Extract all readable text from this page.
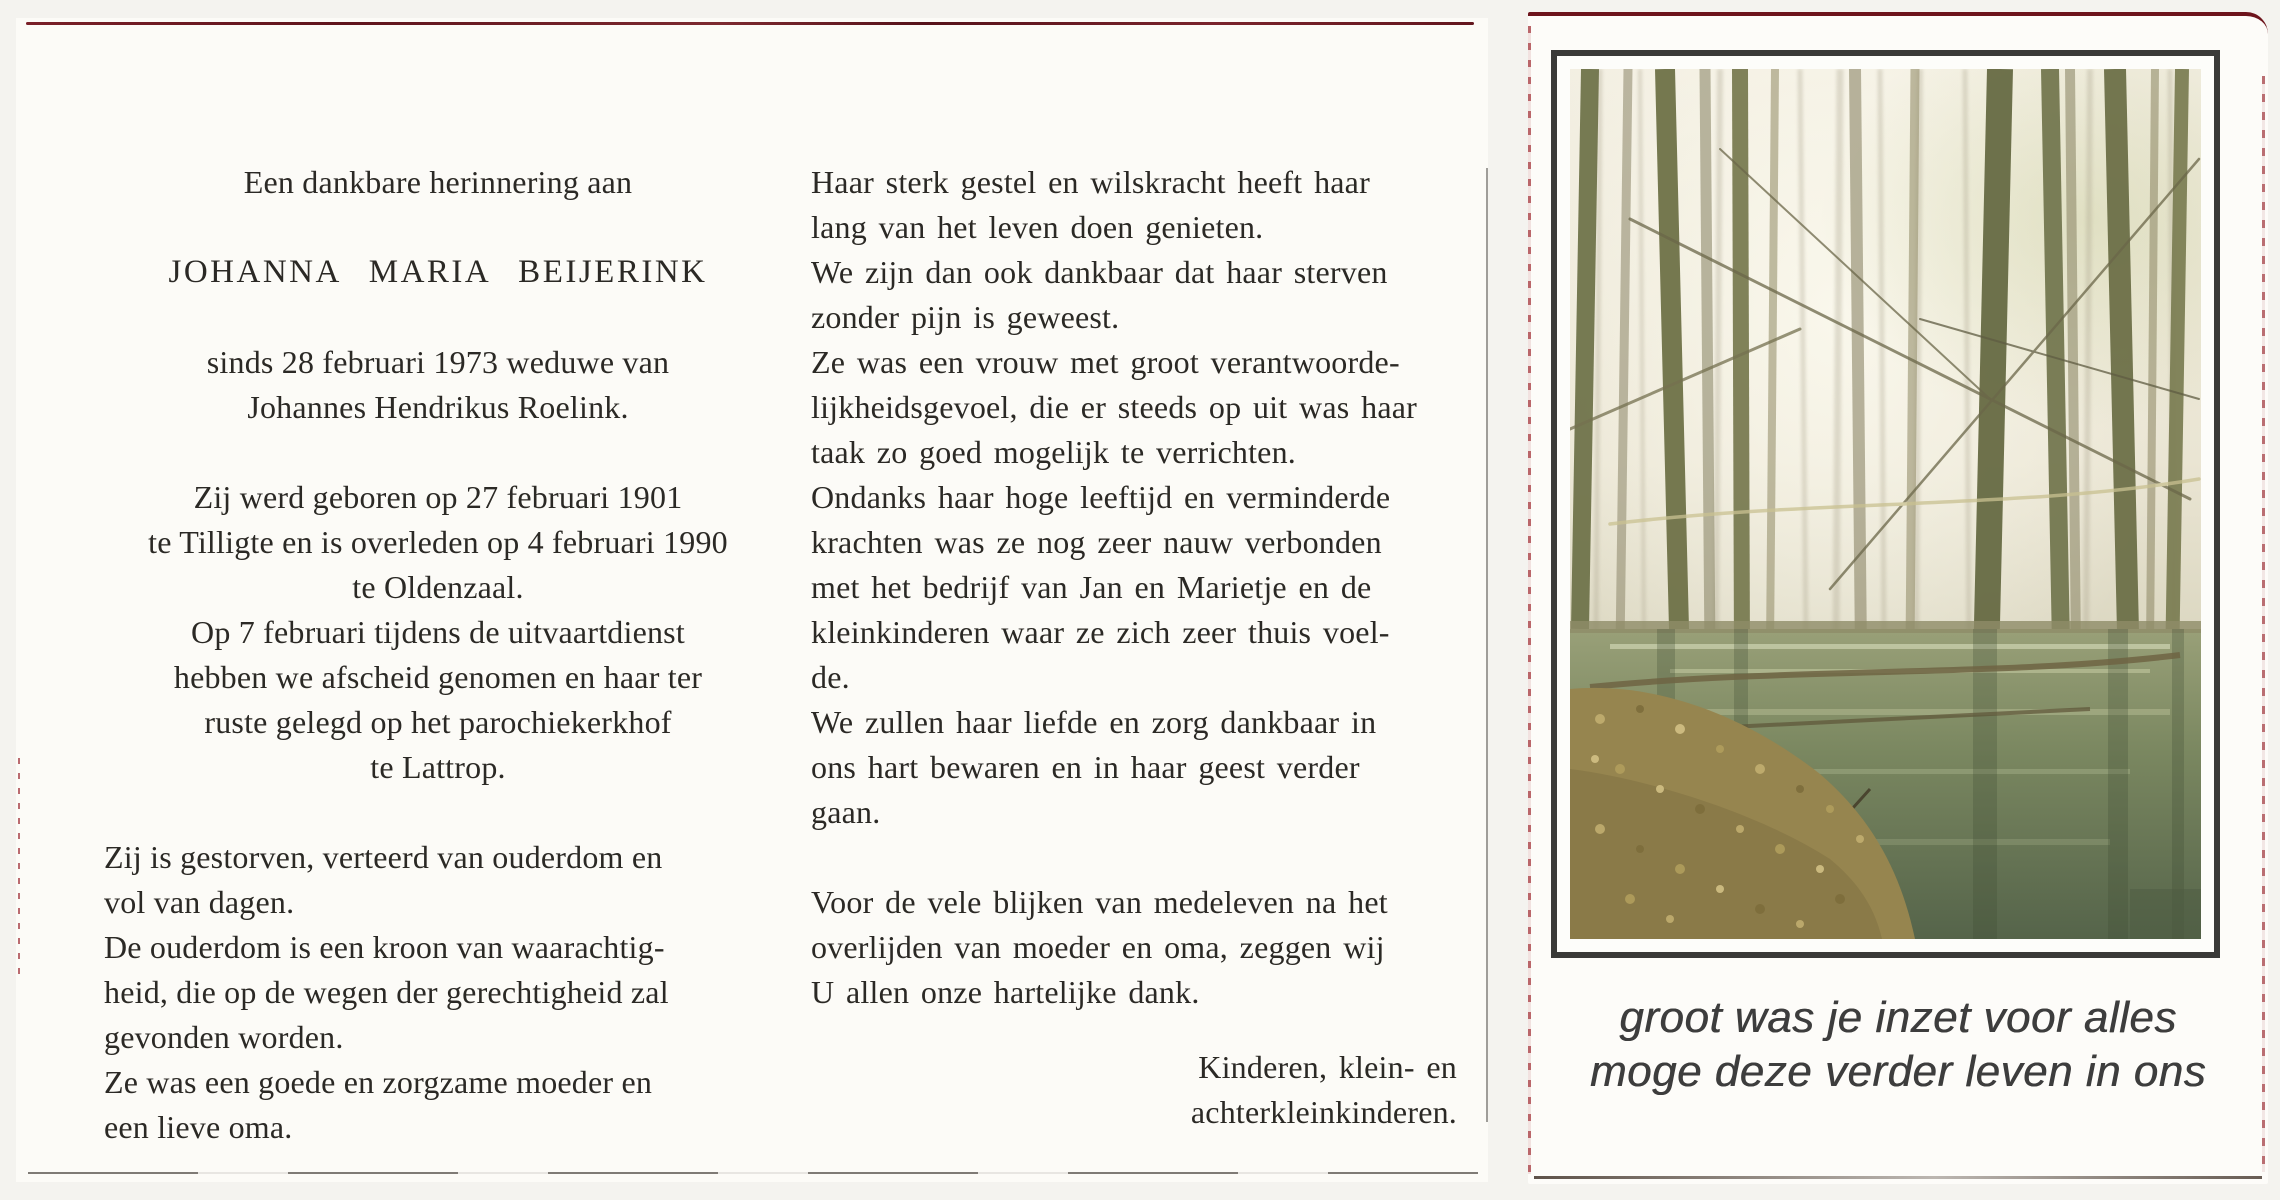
Een dankbare herinnering aan
JOHANNA MARIA BEIJERINK
sinds 28 februari 1973 weduwe van
Johannes Hendrikus Roelink.
Zij werd geboren op 27 februari 1901
te Tilligte en is overleden op 4 februari 1990
te Oldenzaal.
Op 7 februari tijdens de uitvaartdienst
hebben we afscheid genomen en haar ter
ruste gelegd op het parochiekerkhof
te Lattrop.
Zij is gestorven, verteerd van ouderdom en
vol van dagen.
De ouderdom is een kroon van waarachtig-
heid, die op de wegen der gerechtigheid zal
gevonden worden.
Ze was een goede en zorgzame moeder en
een lieve oma.
Haar sterk gestel en wilskracht heeft haar
lang van het leven doen genieten.
We zijn dan ook dankbaar dat haar sterven
zonder pijn is geweest.
Ze was een vrouw met groot verantwoorde-
lijkheidsgevoel, die er steeds op uit was haar
taak zo goed mogelijk te verrichten.
Ondanks haar hoge leeftijd en verminderde
krachten was ze nog zeer nauw verbonden
met het bedrijf van Jan en Marietje en de
kleinkinderen waar ze zich zeer thuis voel-
de.
We zullen haar liefde en zorg dankbaar in
ons hart bewaren en in haar geest verder
gaan.
Voor de vele blijken van medeleven na het
overlijden van moeder en oma, zeggen wij
U allen onze hartelijke dank.
Kinderen, klein- en
achterkleinkinderen.
groot was je inzet voor alles
moge deze verder leven in ons
